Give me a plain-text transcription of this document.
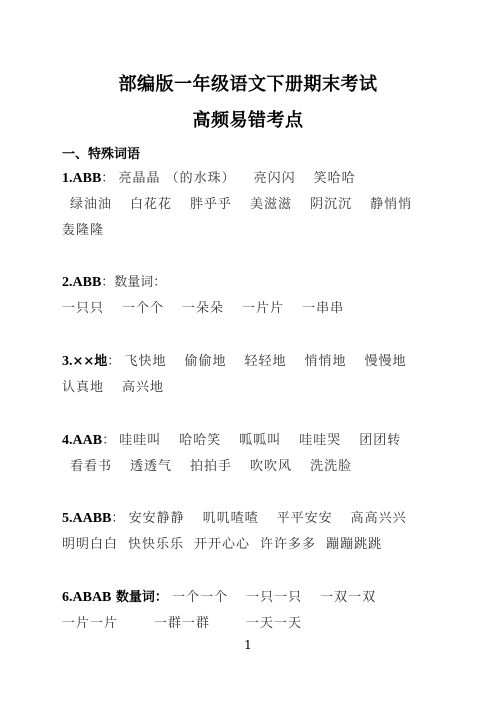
部编版一年级语文下册期末考试
高频易错考点
一、特殊词语
1.ABB： 亮晶晶 （的水珠） 亮闪闪 笑哈哈
绿油油 白花花 胖乎乎 美滋滋 阴沉沉 静悄悄
轰隆隆
2.ABB：数量词：
一只只 一个个 一朵朵 一片片 一串串
3.××地： 飞快地 偷偷地 轻轻地 悄悄地 慢慢地
认真地 高兴地
4.AAB： 哇哇叫 哈哈笑 呱呱叫 哇哇哭 团团转
看看书 透透气 拍拍手 吹吹风 洗洗脸
5.AABB： 安安静静 叽叽喳喳 平平安安 高高兴兴
明明白白 快快乐乐 开开心心 许许多多 蹦蹦跳跳
6.ABAB 数量词： 一个一个 一只一只 一双一双
一片一片	一群一群	一天一天
1
